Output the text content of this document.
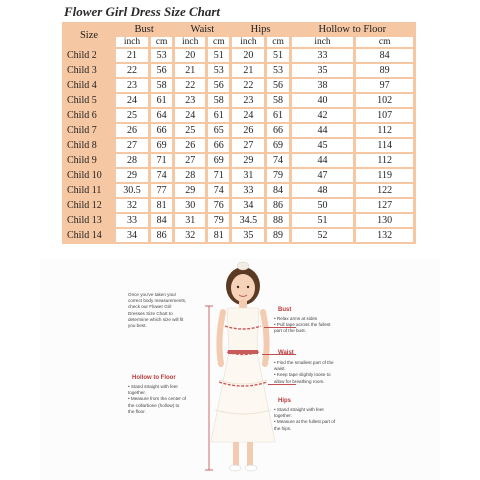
Flower Girl Dress Size Chart
Size	Bust		Waist		Hips		Hollow to Floor	
	inch	cm	inch	cm	inch	cm	inch	cm
Child 2	21	53	20	51	20	51	33	84
Child 3	22	56	21	53	21	53	35	89
Child 4	23	58	22	56	22	56	38	97
Child 5	24	61	23	58	23	58	40	102
Child 6	25	64	24	61	24	61	42	107
Child 7	26	66	25	65	26	66	44	112
Child 8	27	69	26	66	27	69	45	114
Child 9	28	71	27	69	29	74	44	112
Child 10	29	74	28	71	31	79	47	119
Child 11	30.5	77	29	74	33	84	48	122
Child 12	32	81	30	76	34	86	50	127
Child 13	33	84	31	79	34.5	88	51	130
Child 14	34	86	32	81	35	89	52	132
Once you've taken your
correct body measurements,
check our Flower Girl
Dresses Size Chart to
determine which size will fit
you best.
Hollow to Floor
• Stand straight with feet
together.
• Measure from the center of
the collarbone (hollow) to
the floor.
Bust
• Relax arms at sides
• Pull tape across the fullest
part of the bust.
Waist
• Find the smallest part of the
waist.
• Keep tape slightly loose to
allow for breathing room.
Hips
• Stand straight with feet
together.
• Measure at the fullest part of
the hips.
